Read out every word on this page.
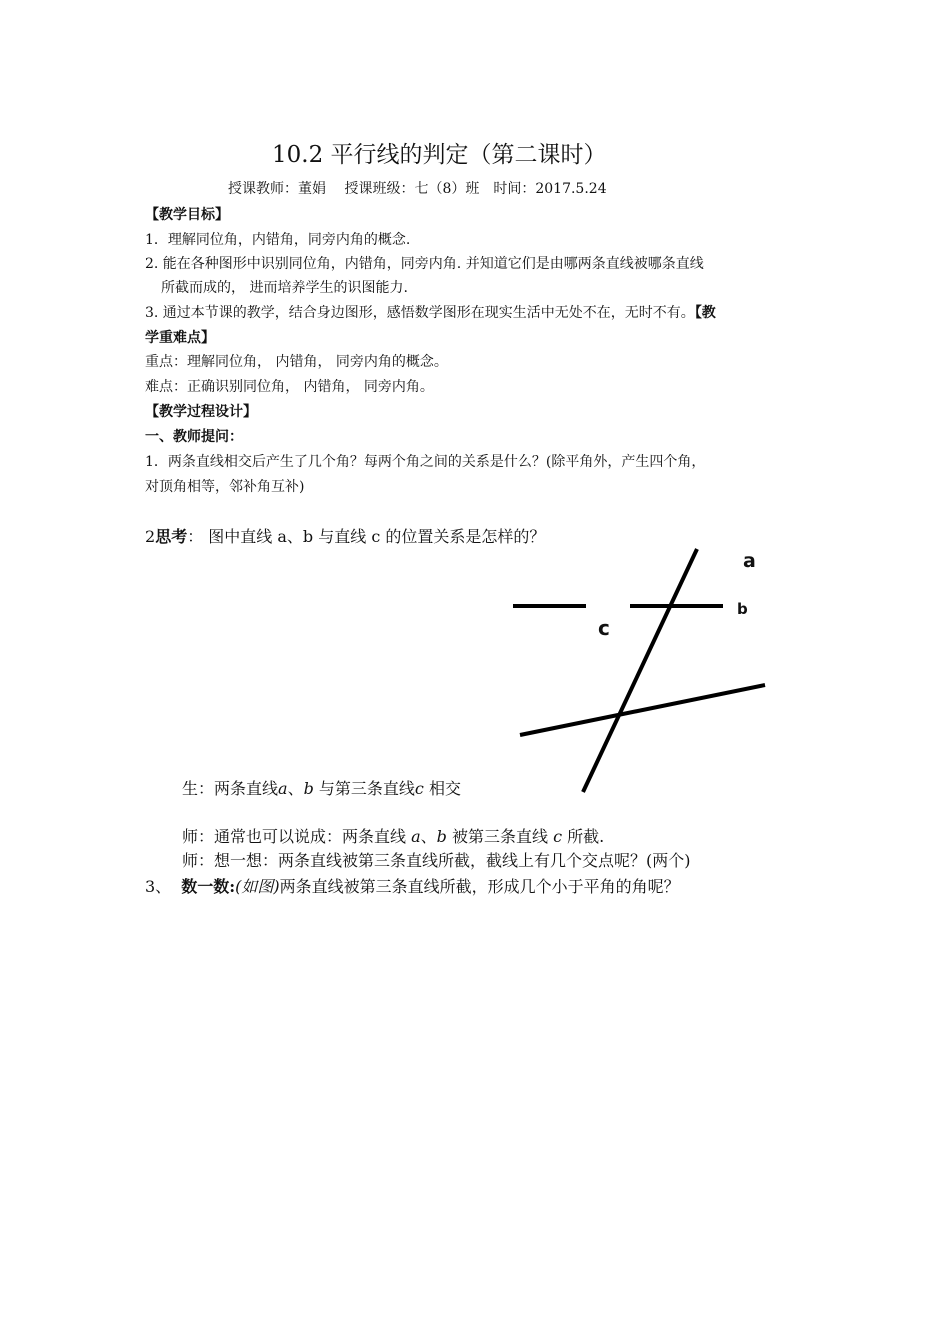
10.2 平行线的判定（第二课时）
授课教师：董娟　 授课班级：七（8）班　时间：2017.5.24
【教学目标】
1．理解同位角，内错角，同旁内角的概念.
2. 能在各种图形中识别同位角，内错角，同旁内角. 并知道它们是由哪两条直线被哪条直线
所截而成的， 进而培养学生的识图能力.
3. 通过本节课的教学，结合身边图形，感悟数学图形在现实生活中无处不在，无时不有。【教
学重难点】
重点：理解同位角， 内错角， 同旁内角的概念。
难点：正确识别同位角， 内错角， 同旁内角。
【教学过程设计】
一、教师提问：
1．两条直线相交后产生了几个角？每两个角之间的关系是什么？(除平角外，产生四个角，
对顶角相等，邻补角互补)
2思考： 图中直线 a、b 与直线 c 的位置关系是怎样的？
a
b
c
生：两条直线a、b 与第三条直线c 相交
师：通常也可以说成：两条直线 a、b 被第三条直线 c 所截.
师：想一想：两条直线被第三条直线所截，截线上有几个交点呢？(两个)
3、 数一数:(如图)两条直线被第三条直线所截，形成几个小于平角的角呢？
